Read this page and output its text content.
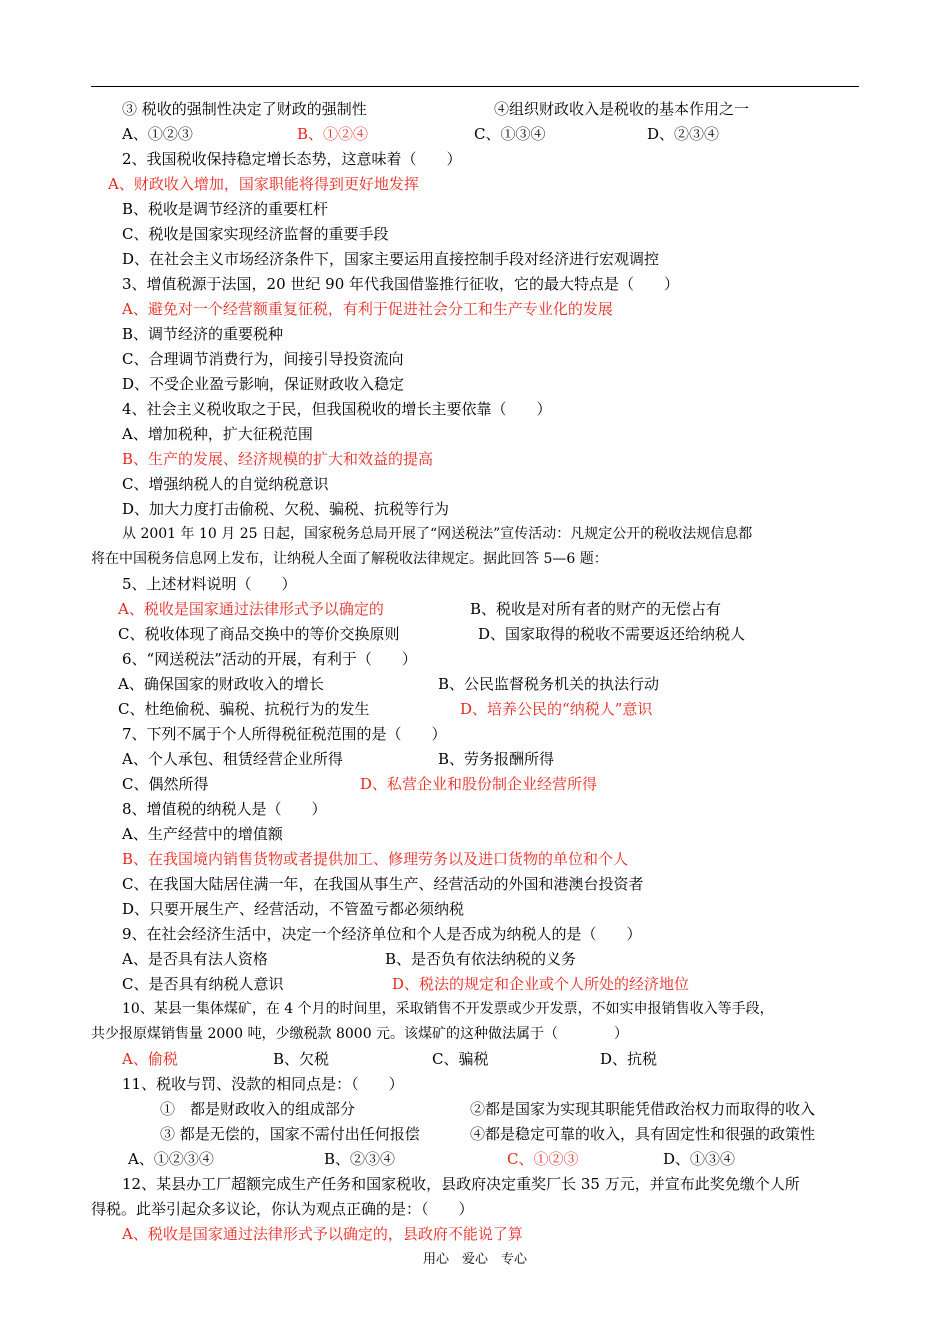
③ 税收的强制性决定了财政的强制性	④组织财政收入是税收的基本作用之一
A、①②③	B、①②④	C、①③④	D、②③④
2、我国税收保持稳定增长态势，这意味着（　　）
A、财政收入增加，国家职能将得到更好地发挥
B、税收是调节经济的重要杠杆
C、税收是国家实现经济监督的重要手段
D、在社会主义市场经济条件下，国家主要运用直接控制手段对经济进行宏观调控
3、增值税源于法国，20 世纪 90 年代我国借鉴推行征收，它的最大特点是（　　）
A、避免对一个经营额重复征税，有利于促进社会分工和生产专业化的发展
B、调节经济的重要税种
C、合理调节消费行为，间接引导投资流向
D、不受企业盈亏影响，保证财政收入稳定
4、社会主义税收取之于民，但我国税收的增长主要依靠（　　）
A、增加税种，扩大征税范围
B、生产的发展、经济规模的扩大和效益的提高
C、增强纳税人的自觉纳税意识
D、加大力度打击偷税、欠税、骗税、抗税等行为
从 2001 年 10 月 25 日起，国家税务总局开展了“网送税法”宣传活动：凡规定公开的税收法规信息都
将在中国税务信息网上发布，让纳税人全面了解税收法律规定。据此回答 5—6 题：
5、上述材料说明（　　）
A、税收是国家通过法律形式予以确定的	B、税收是对所有者的财产的无偿占有
C、税收体现了商品交换中的等价交换原则	D、国家取得的税收不需要返还给纳税人
6、“网送税法”活动的开展，有利于（　　）
A、确保国家的财政收入的增长	B、公民监督税务机关的执法行动
C、杜绝偷税、骗税、抗税行为的发生	D、培养公民的“纳税人”意识
7、下列不属于个人所得税征税范围的是（　　）
A、个人承包、租赁经营企业所得	B、劳务报酬所得
C、偶然所得	D、私营企业和股份制企业经营所得
8、增值税的纳税人是（　　）
A、生产经营中的增值额
B、在我国境内销售货物或者提供加工、修理劳务以及进口货物的单位和个人
C、在我国大陆居住满一年，在我国从事生产、经营活动的外国和港澳台投资者
D、只要开展生产、经营活动，不管盈亏都必须纳税
9、在社会经济生活中，决定一个经济单位和个人是否成为纳税人的是（　　）
A、是否具有法人资格	B、是否负有依法纳税的义务
C、是否具有纳税人意识	D、税法的规定和企业或个人所处的经济地位
10、某县一集体煤矿，在 4 个月的时间里，采取销售不开发票或少开发票，不如实申报销售收入等手段，
共少报原煤销售量 2000 吨，少缴税款 8000 元。该煤矿的这种做法属于（　　　　）
A、偷税	B、欠税	C、骗税	D、抗税
11、税收与罚、没款的相同点是：（　　）
①　都是财政收入的组成部分	②都是国家为实现其职能凭借政治权力而取得的收入
③ 都是无偿的，国家不需付出任何报偿	④都是稳定可靠的收入，具有固定性和很强的政策性
A、①②③④	B、②③④	C、①②③	D、①③④
12、某县办工厂超额完成生产任务和国家税收，县政府决定重奖厂长 35 万元，并宣布此奖免缴个人所
得税。此举引起众多议论，你认为观点正确的是：（　　）
A、税收是国家通过法律形式予以确定的，县政府不能说了算
用心　爱心　专心
